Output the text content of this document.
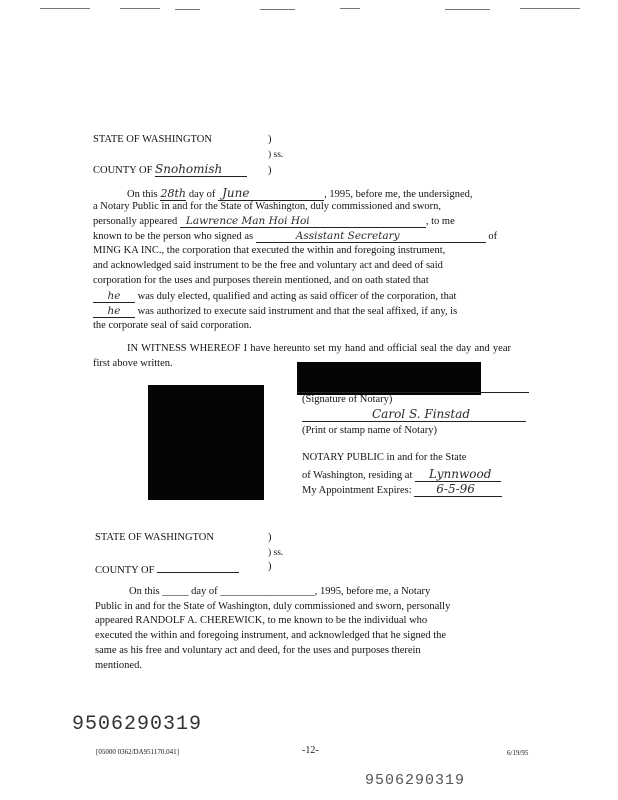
STATE OF WASHINGTON	)
) ss.
COUNTY OF Snohomish	)
On this 28th day of June	, 1995, before me, the undersigned,
a Notary Public in and for the State of Washington, duly commissioned and sworn,
personally appeared Lawrence Man Hoi Hoi	, to me
known to be the person who signed as	Assistant Secretary	of
MING KA INC., the corporation that executed the within and foregoing instrument,
and acknowledged said instrument to be the free and voluntary act and deed of said
corporation for the uses and purposes therein mentioned, and on oath stated that
he was duly elected, qualified and acting as said officer of the corporation, that
he was authorized to execute said instrument and that the seal affixed, if any, is
the corporate seal of said corporation.

IN WITNESS WHEREOF I have hereunto set my hand and official seal the day and year first above written.

(Signature of Notary)
Carol S. Finstad
(Print or stamp name of Notary)
NOTARY PUBLIC in and for the State
of Washington, residing at Lynnwood
My Appointment Expires: 6-5-96
STATE OF WASHINGTON	)
) ss.
COUNTY OF	)
On this _____ day of __________________, 1995, before me, a Notary
Public in and for the State of Washington, duly commissioned and sworn, personally
appeared RANDOLF A. CHEREWICK, to me known to be the individual who
executed the within and foregoing instrument, and acknowledged that he signed the
same as his free and voluntary act and deed, for the uses and purposes therein
mentioned.
9506290319
[05000 0362/DA951170.041]	-12-	6/19/95
9506290319
